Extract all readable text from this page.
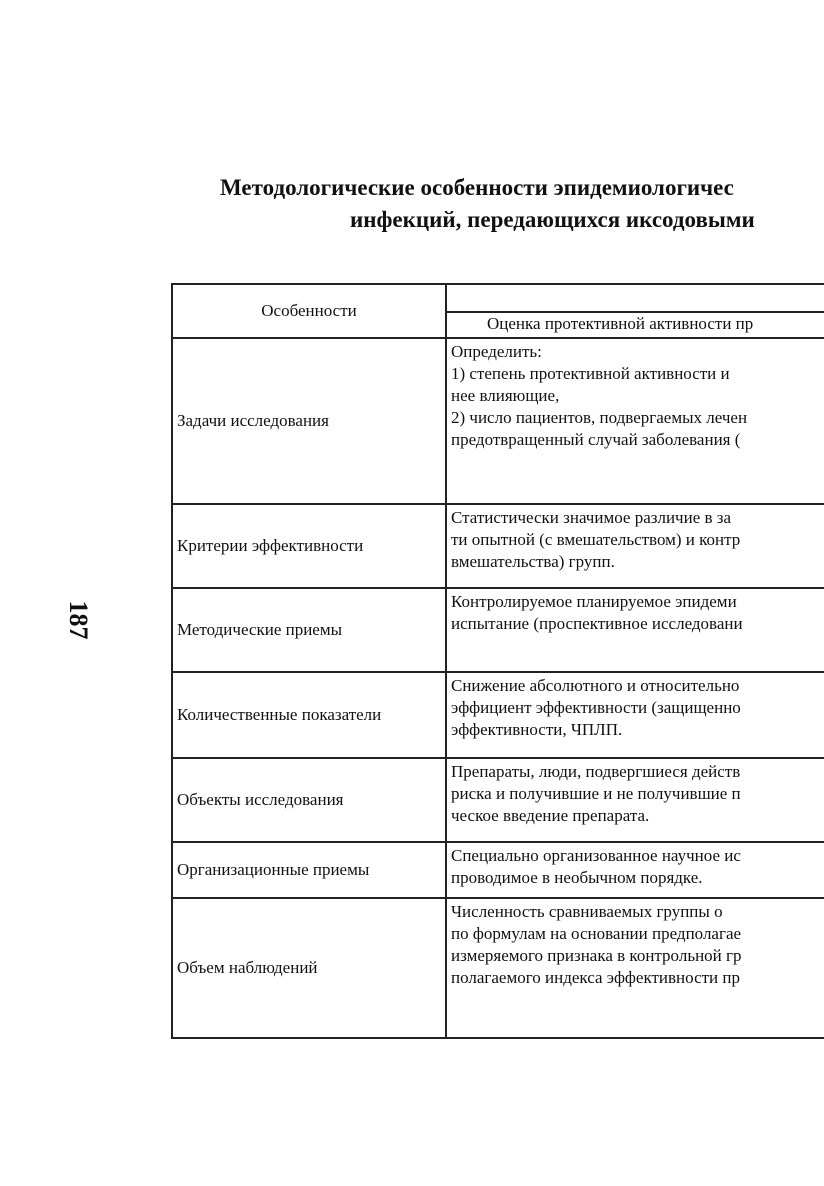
187
Методологические особенности эпидемиологичес
инфекций, передающихся иксодовыми
Особенности	
	Оценка протективной активности пр
Задачи исследования	Определить:
1) степень протективной активности и
нее влияющие,
2) число пациентов, подвергаемых лечен
предотвращенный случай заболевания (

Критерии эффективности	Статистически значимое различие в за
ти опытной (с вмешательством) и контр
вмешательства) групп.

Методические приемы	Контролируемое планируемое эпидеми
испытание (проспективное исследовани

Количественные показатели	Снижение абсолютного и относительно
эффициент эффективности (защищенно
эффективности, ЧПЛП.

Объекты исследования	Препараты, люди, подвергшиеся действ
риска и получившие и не получившие п
ческое введение препарата.

Организационные приемы	Специально организованное научное ис
проводимое в необычном порядке.

Объем наблюдений	Численность сравниваемых группы о
по формулам на основании предполагае
измеряемого признака в контрольной гр
полагаемого индекса эффективности пр
